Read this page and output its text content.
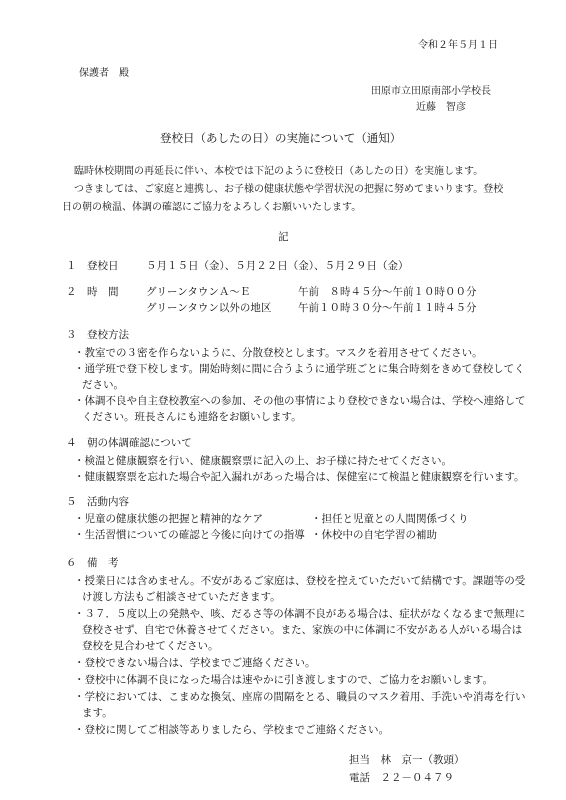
令和２年５月１日
保護者　殿
田原市立田原南部小学校長
近藤　智彦
登校日（あしたの日）の実施について（通知）
臨時休校期間の再延長に伴い、本校では下記のように登校日（あしたの日）を実施します。
つきましては、ご家庭と連携し、お子様の健康状態や学習状況の把握に努めてまいります。登校
日の朝の検温、体調の確認にご協力をよろしくお願いいたします。
記
１ 登校日	５月１５日（金）、５月２２日（金）、５月２９日（金）
２ 時　間	グリーンタウンＡ～Ｅ	午前　８時４５分～午前１０時００分
グリーンタウン以外の地区	午前１０時３０分～午前１１時４５分
３　登校方法
・教室での３密を作らないように、分散登校とします。マスクを着用させてください。
・通学班で登下校します。開始時刻に間に合うように通学班ごとに集合時刻をきめて登校してく
ださい。
・体調不良や自主登校教室への参加、その他の事情により登校できない場合は、学校へ連絡して
ください。班長さんにも連絡をお願いします。
４　朝の体調確認について
・検温と健康観察を行い、健康観察票に記入の上、お子様に持たせてください。
・健康観察票を忘れた場合や記入漏れがあった場合は、保健室にて検温と健康観察を行います。
５　活動内容
・児童の健康状態の把握と精神的なケア	・担任と児童との人間関係づくり
・生活習慣についての確認と今後に向けての指導 ・休校中の自宅学習の補助
６　備　考
・授業日には含めません。不安があるご家庭は、登校を控えていただいて結構です。課題等の受
け渡し方法もご相談させていただきます。
・３７．５度以上の発熱や、咳、だるさ等の体調不良がある場合は、症状がなくなるまで無理に
登校させず、自宅で休養させてください。また、家族の中に体調に不安がある人がいる場合は
登校を見合わせてください。
・登校できない場合は、学校までご連絡ください。
・登校中に体調不良になった場合は速やかに引き渡しますので、ご協力をお願いします。
・学校においては、こまめな換気、座席の間隔をとる、職員のマスク着用、手洗いや消毒を行い
ます。
・登校に関してご相談等ありましたら、学校までご連絡ください。
担当　林　京一（教頭）
電話　２２－０４７９
